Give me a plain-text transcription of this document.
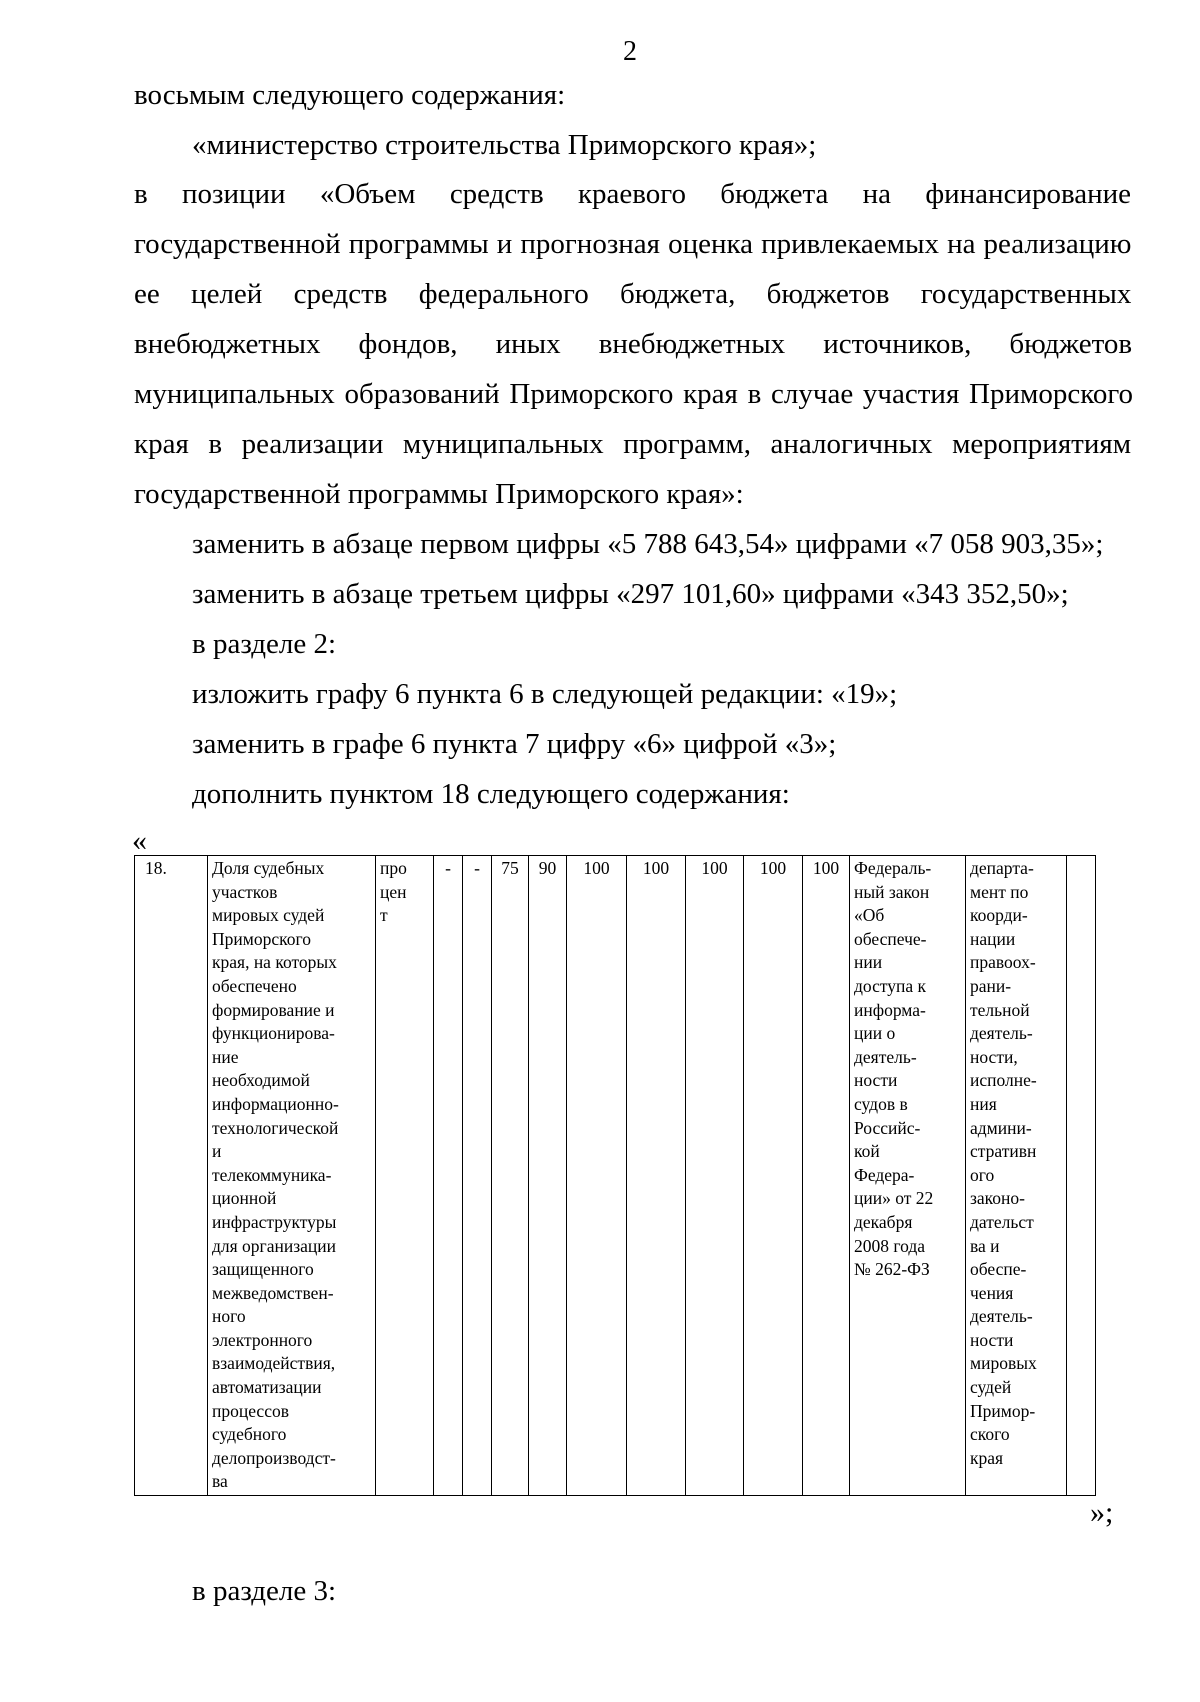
2
восьмым следующего содержания:
«министерство строительства Приморского края»;
в позиции «Объем средств краевого бюджета на финансирование
государственной программы и прогнозная оценка привлекаемых на реализацию
ее целей средств федерального бюджета, бюджетов государственных
внебюджетных фондов, иных внебюджетных источников, бюджетов
муниципальных образований Приморского края в случае участия Приморского
края в реализации муниципальных программ, аналогичных мероприятиям
государственной программы Приморского края»:
заменить в абзаце первом цифры «5 788 643,54» цифрами «7 058 903,35»;
заменить в абзаце третьем цифры «297 101,60» цифрами «343 352,50»;
в разделе 2:
изложить графу 6 пункта 6 в следующей редакции: «19»;
заменить в графе 6 пункта 7 цифру «6» цифрой «3»;
дополнить пунктом 18 следующего содержания:
«
18.	Доля судебных
участков
мировых судей
Приморского
края, на которых
обеспечено
формирование и
функционирова-
ние
необходимой
информационно-
технологической
и
телекоммуника-
ционной
инфраструктуры
для организации
защищенного
межведомствен-
ного
электронного
взаимодействия,
автоматизации
процессов
судебного
делопроизводст-
ва	про
цен
т	-	-	75	90	100	100	100	100	100	Федераль-
ный закон
«Об
обеспече-
нии
доступа к
информа-
ции о
деятель-
ности
судов в
Российс-
кой
Федера-
ции» от 22
декабря
2008 года
№ 262-ФЗ	департа-
мент по
коорди-
нации
правоох-
рани-
тельной
деятель-
ности,
исполне-
ния
админи-
стративн
ого
законо-
дательст
ва и
обеспе-
чения
деятель-
ности
мировых
судей
Примор-
ского
края	
»;
в разделе 3:
